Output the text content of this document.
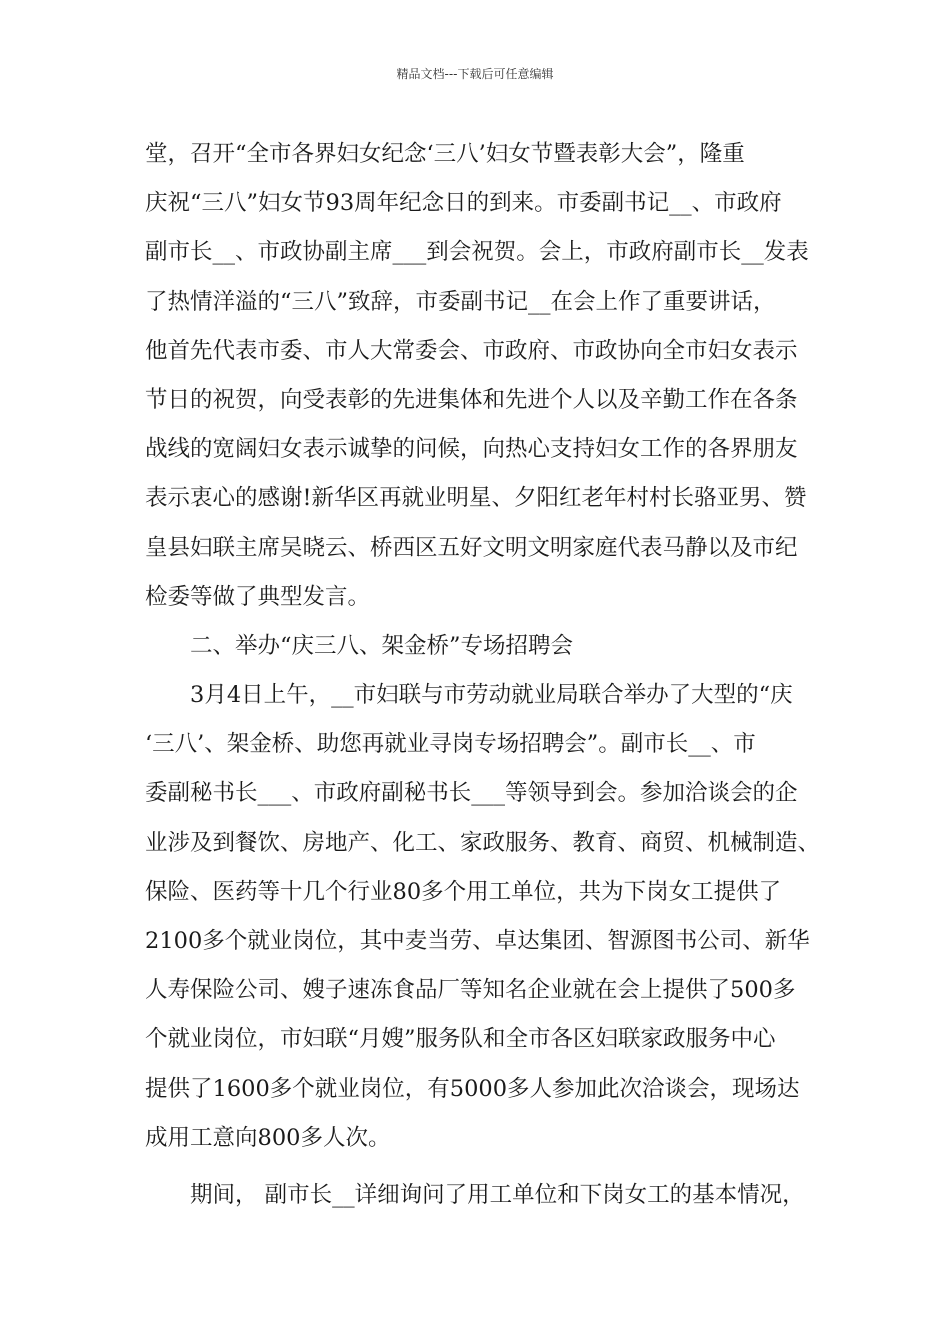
精品文档---下载后可任意编辑
堂，召开“全市各界妇女纪念‘三八’妇女节暨表彰大会”，隆重
庆祝“三八”妇女节93周年纪念日的到来。市委副书记__、市政府
副市长__、市政协副主席___到会祝贺。会上，市政府副市长__发表
了热情洋溢的“三八”致辞，市委副书记__在会上作了重要讲话，
他首先代表市委、市人大常委会、市政府、市政协向全市妇女表示
节日的祝贺，向受表彰的先进集体和先进个人以及辛勤工作在各条
战线的宽阔妇女表示诚挚的问候，向热心支持妇女工作的各界朋友
表示衷心的感谢!新华区再就业明星、夕阳红老年村村长骆亚男、赞
皇县妇联主席吴晓云、桥西区五好文明文明家庭代表马静以及市纪
检委等做了典型发言。
二、举办“庆三八、架金桥”专场招聘会
3月4日上午，__市妇联与市劳动就业局联合举办了大型的“庆
‘三八’、架金桥、助您再就业寻岗专场招聘会”。副市长__、市
委副秘书长___、市政府副秘书长___等领导到会。参加洽谈会的企
业涉及到餐饮、房地产、化工、家政服务、教育、商贸、机械制造、
保险、医药等十几个行业80多个用工单位，共为下岗女工提供了
2100多个就业岗位，其中麦当劳、卓达集团、智源图书公司、新华
人寿保险公司、嫂子速冻食品厂等知名企业就在会上提供了500多
个就业岗位，市妇联“月嫂”服务队和全市各区妇联家政服务中心
提供了1600多个就业岗位，有5000多人参加此次洽谈会，现场达
成用工意向800多人次。
期间， 副市长__详细询问了用工单位和下岗女工的基本情况，
